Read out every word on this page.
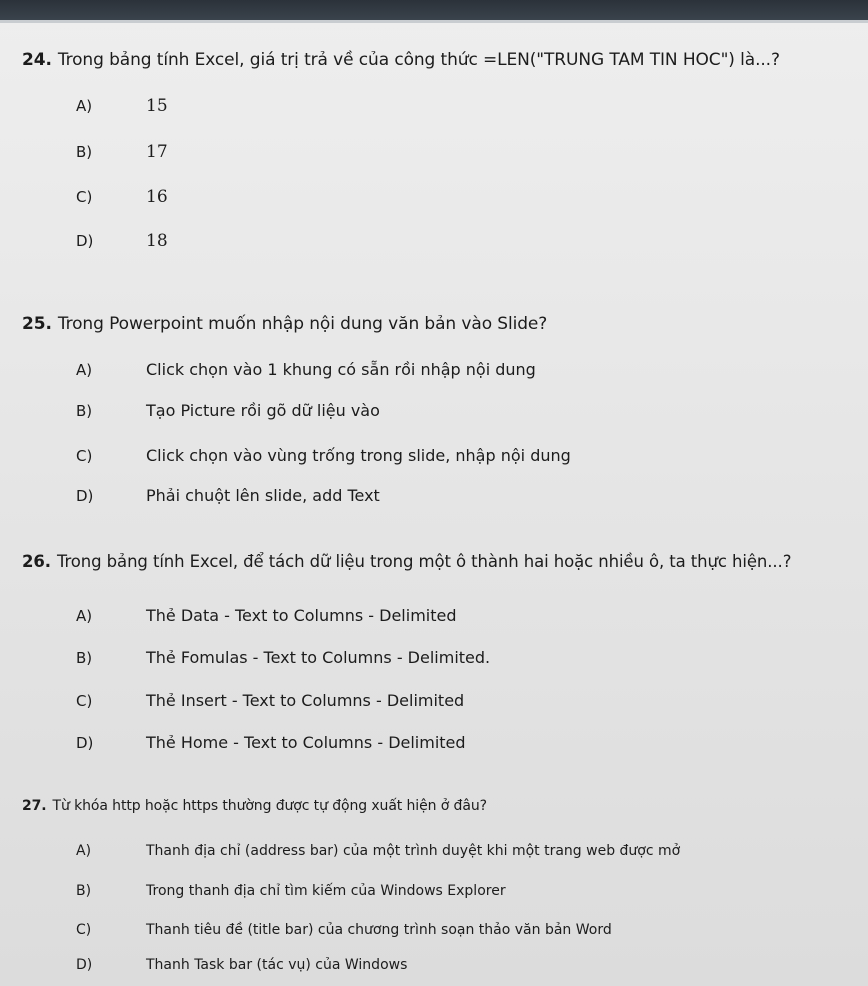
24. Trong bảng tính Excel, giá trị trả về của công thức =LEN("TRUNG TAM TIN HOC") là...?
A)	15
B)	17
C)	16
D)	18
25. Trong Powerpoint muốn nhập nội dung văn bản vào Slide?
A)	Click chọn vào 1 khung có sẵn rồi nhập nội dung
B)	Tạo Picture rồi gõ dữ liệu vào
C)	Click chọn vào vùng trống trong slide, nhập nội dung
D)	Phải chuột lên slide, add Text
26. Trong bảng tính Excel, để tách dữ liệu trong một ô thành hai hoặc nhiều ô, ta thực hiện...?
A)	Thẻ Data - Text to Columns - Delimited
B)	Thẻ Fomulas - Text to Columns - Delimited.
C)	Thẻ Insert - Text to Columns - Delimited
D)	Thẻ Home - Text to Columns - Delimited
27. Từ khóa http hoặc https thường được tự động xuất hiện ở đâu?
A)	Thanh địa chỉ (address bar) của một trình duyệt khi một trang web được mở
B)	Trong thanh địa chỉ tìm kiếm của Windows Explorer
C)	Thanh tiêu đề (title bar) của chương trình soạn thảo văn bản Word
D)	Thanh Task bar (tác vụ) của Windows
